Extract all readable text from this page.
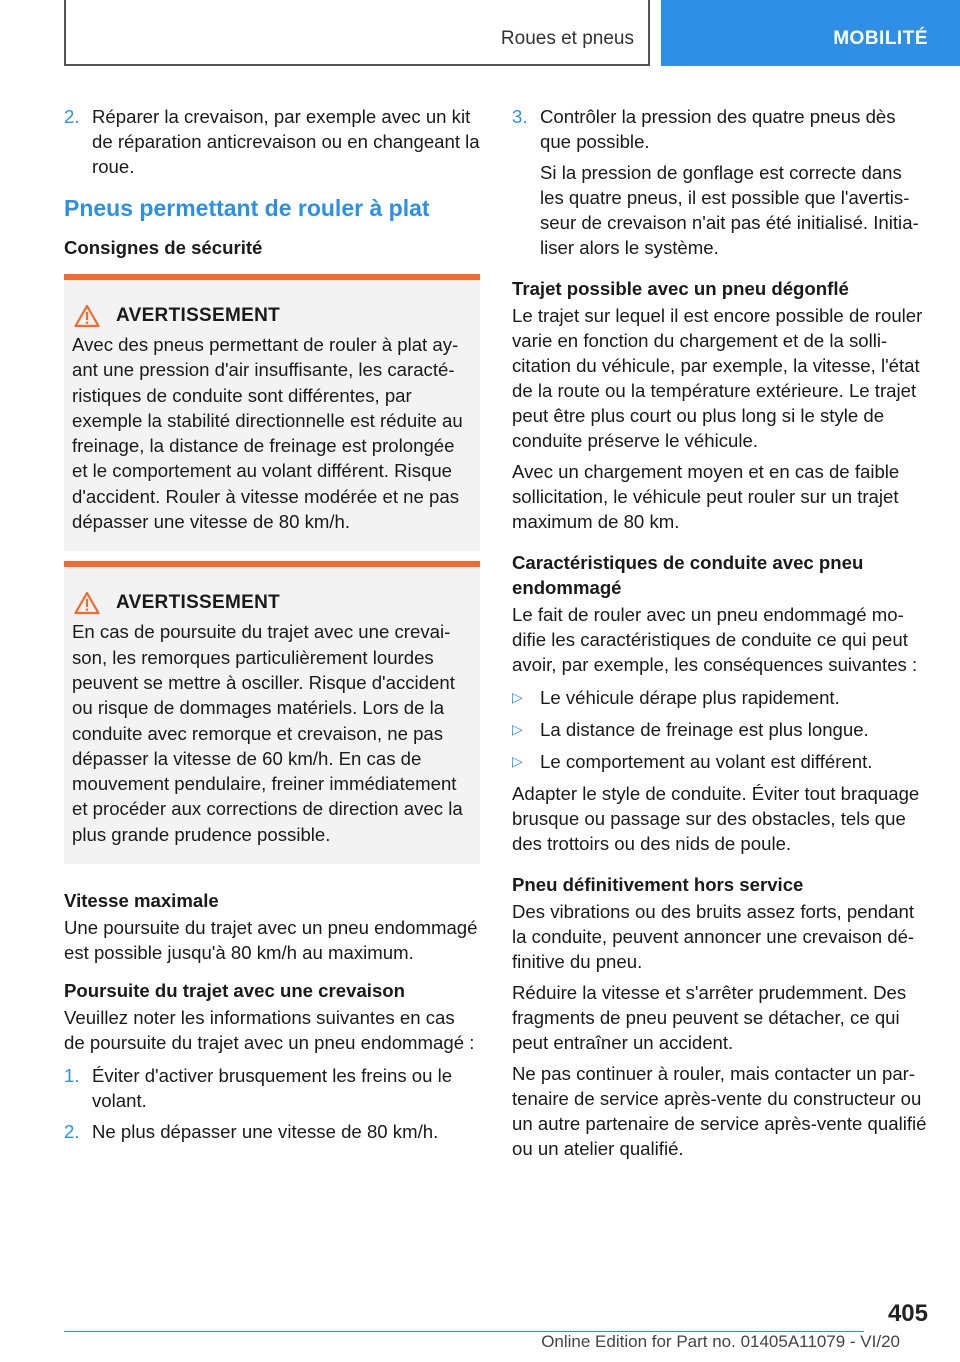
Roues et pneus	MOBILITÉ
2. Réparer la crevaison, par exemple avec un kit de réparation anticrevaison ou en changeant la roue.
Pneus permettant de rouler à plat
Consignes de sécurité
AVERTISSEMENT

Avec des pneus permettant de rouler à plat ayant une pression d'air insuffisante, les caractéristiques de conduite sont différentes, par exemple la stabilité directionnelle est réduite au freinage, la distance de freinage est prolongée et le comportement au volant différent. Risque d'accident. Rouler à vitesse modérée et ne pas dépasser une vitesse de 80 km/h.

AVERTISSEMENT

En cas de poursuite du trajet avec une crevaison, les remorques particulièrement lourdes peuvent se mettre à osciller. Risque d'accident ou risque de dommages matériels. Lors de la conduite avec remorque et crevaison, ne pas dépasser la vitesse de 60 km/h. En cas de mouvement pendulaire, freiner immédiatement et procéder aux corrections de direction avec la plus grande prudence possible.

Vitesse maximale

Une poursuite du trajet avec un pneu endommagé est possible jusqu'à 80 km/h au maximum.

Poursuite du trajet avec une crevaison

Veuillez noter les informations suivantes en cas de poursuite du trajet avec un pneu endommagé :

1. Éviter d'activer brusquement les freins ou le volant.
2. Ne plus dépasser une vitesse de 80 km/h.
3. Contrôler la pression des quatre pneus dès que possible.

Si la pression de gonflage est correcte dans les quatre pneus, il est possible que l'avertisseur de crevaison n'ait pas été initialisé. Initialiser alors le système.

Trajet possible avec un pneu dégonflé

Le trajet sur lequel il est encore possible de rouler varie en fonction du chargement et de la sollicitation du véhicule, par exemple, la vitesse, l'état de la route ou la température extérieure. Le trajet peut être plus court ou plus long si le style de conduite préserve le véhicule.

Avec un chargement moyen et en cas de faible sollicitation, le véhicule peut rouler sur un trajet maximum de 80 km.

Caractéristiques de conduite avec pneu endommagé

Le fait de rouler avec un pneu endommagé modifie les caractéristiques de conduite ce qui peut avoir, par exemple, les conséquences suivantes :

▷ Le véhicule dérape plus rapidement.
▷ La distance de freinage est plus longue.
▷ Le comportement au volant est différent.

Adapter le style de conduite. Éviter tout braquage brusque ou passage sur des obstacles, tels que des trottoirs ou des nids de poule.

Pneu définitivement hors service

Des vibrations ou des bruits assez forts, pendant la conduite, peuvent annoncer une crevaison définitive du pneu.

Réduire la vitesse et s'arrêter prudemment. Des fragments de pneu peuvent se détacher, ce qui peut entraîner un accident.

Ne pas continuer à rouler, mais contacter un partenaire de service après-vente du constructeur ou un autre partenaire de service après-vente qualifié ou un atelier qualifié.

405
Online Edition for Part no. 01405A11079 - VI/20
